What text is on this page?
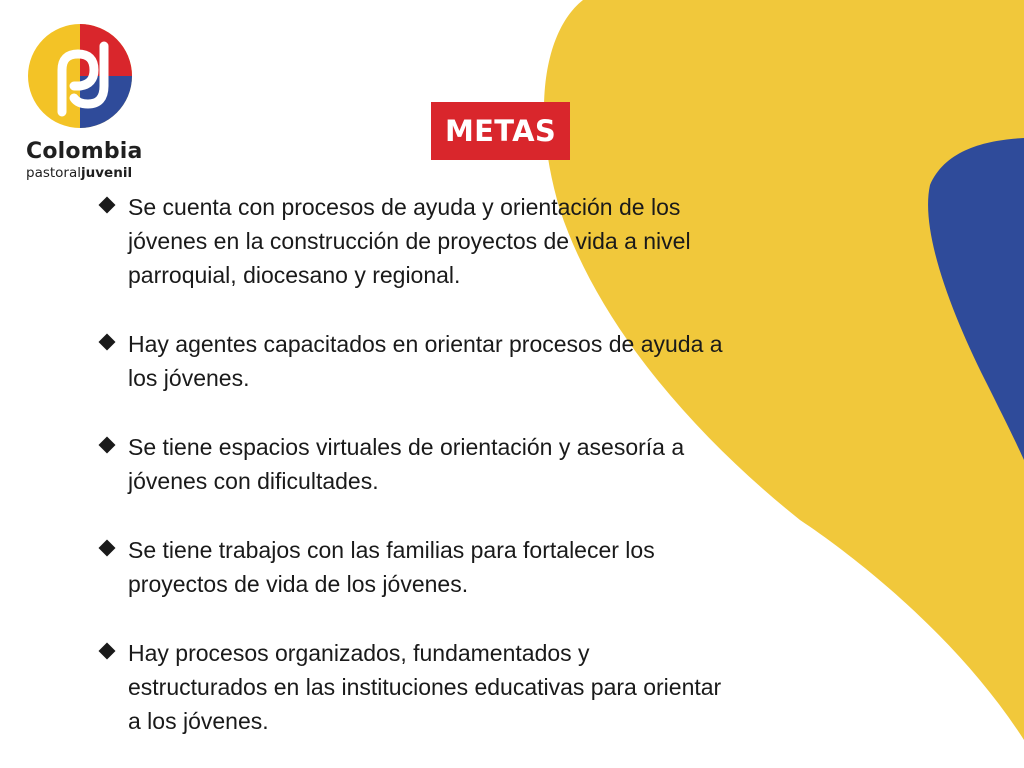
Colombia
pastoraljuvenil
METAS
Se cuenta con procesos de ayuda y orientación de los
jóvenes en la construcción de proyectos de vida a nivel
parroquial, diocesano y regional.
Hay agentes capacitados en orientar procesos de ayuda a
los jóvenes.
Se tiene espacios virtuales de orientación y asesoría a
jóvenes con dificultades.
Se tiene trabajos con las familias para fortalecer los
proyectos de vida de los jóvenes.
Hay procesos organizados, fundamentados y
estructurados en las instituciones educativas para orientar
a los jóvenes.
